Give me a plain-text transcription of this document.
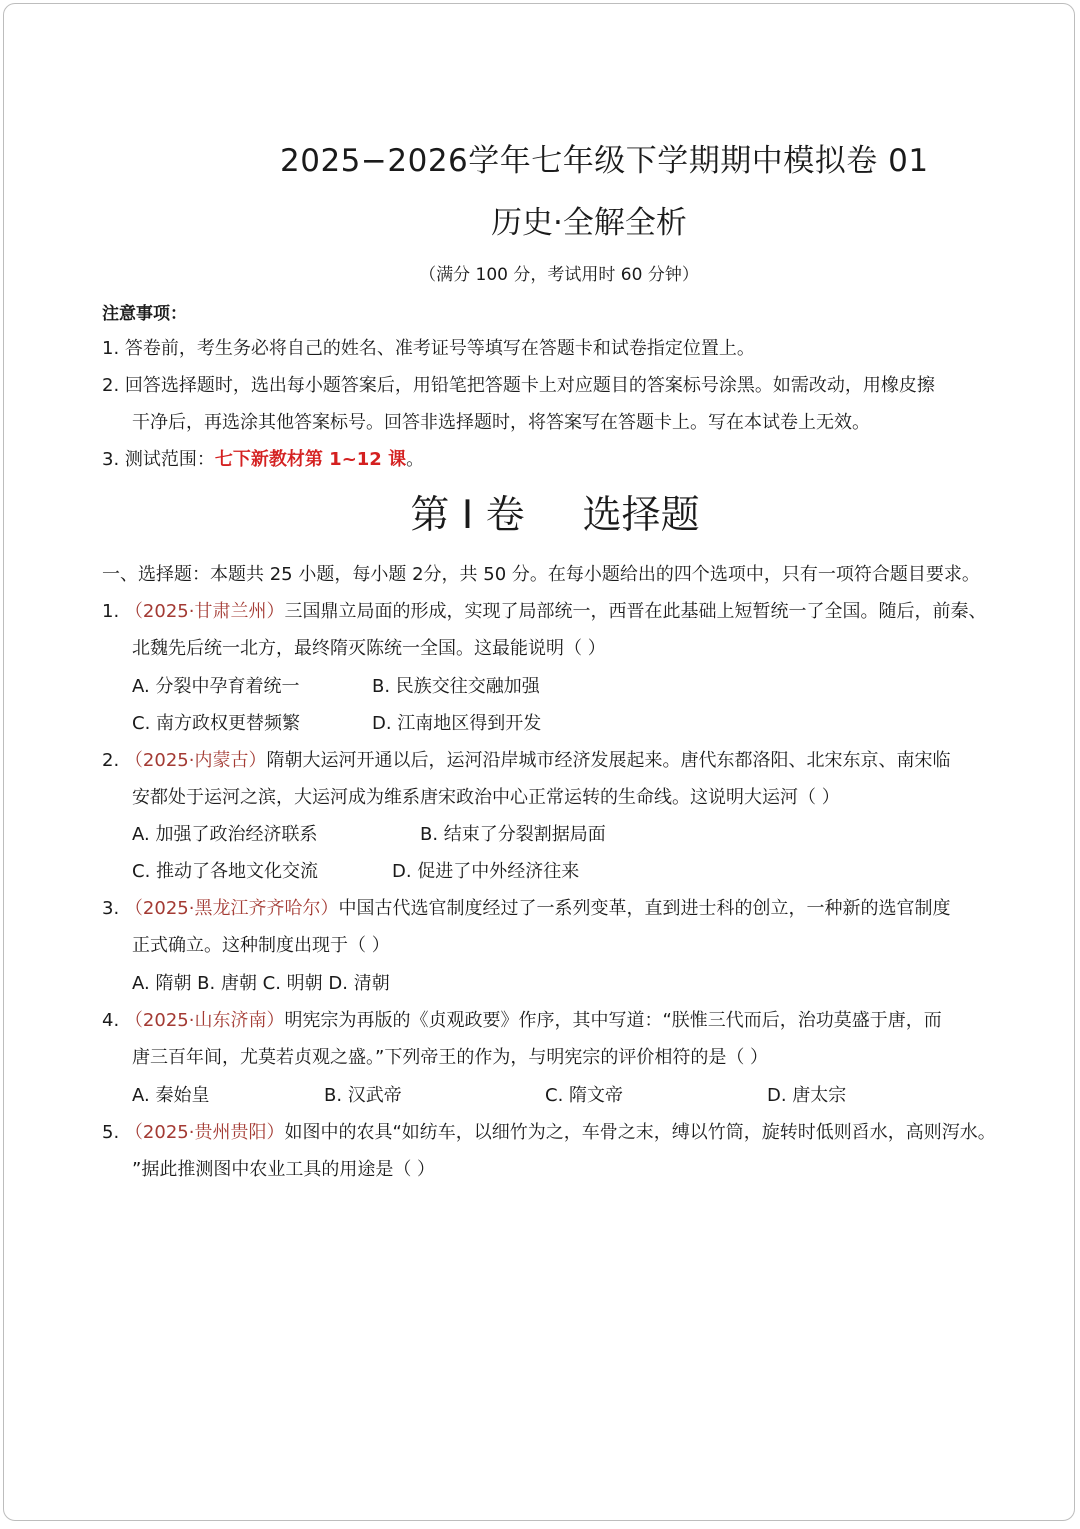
2025−2026学年七年级下学期期中模拟卷 01
历史·全解全析
（满分 100 分，考试用时 60 分钟）
注意事项：
1. 答卷前，考生务必将自己的姓名、准考证号等填写在答题卡和试卷指定位置上。
2. 回答选择题时，选出每小题答案后，用铅笔把答题卡上对应题目的答案标号涂黑。如需改动，用橡皮擦
干净后，再选涂其他答案标号。回答非选择题时，将答案写在答题卡上。写在本试卷上无效。
3. 测试范围：七下新教材第 1~12 课。
第 Ⅰ 卷 选择题
一、选择题：本题共 25 小题，每小题 2分，共 50 分。在每小题给出的四个选项中，只有一项符合题目要求。
1. （2025·甘肃兰州）三国鼎立局面的形成，实现了局部统一，西晋在此基础上短暂统一了全国。随后，前秦、
北魏先后统一北方，最终隋灭陈统一全国。这最能说明（ ）
A. 分裂中孕育着统一	B. 民族交往交融加强
C. 南方政权更替频繁	D. 江南地区得到开发
2. （2025·内蒙古）隋朝大运河开通以后，运河沿岸城市经济发展起来。唐代东都洛阳、北宋东京、南宋临
安都处于运河之滨，大运河成为维系唐宋政治中心正常运转的生命线。这说明大运河（ ）
A. 加强了政治经济联系	B. 结束了分裂割据局面
C. 推动了各地文化交流	D. 促进了中外经济往来
3. （2025·黑龙江齐齐哈尔）中国古代选官制度经过了一系列变革，直到进士科的创立，一种新的选官制度
正式确立。这种制度出现于（ ）
A. 隋朝 B. 唐朝 C. 明朝 D. 清朝
4. （2025·山东济南）明宪宗为再版的《贞观政要》作序，其中写道：“朕惟三代而后，治功莫盛于唐，而
唐三百年间，尤莫若贞观之盛。”下列帝王的作为，与明宪宗的评价相符的是（ ）
A. 秦始皇	B. 汉武帝	C. 隋文帝	D. 唐太宗
5. （2025·贵州贵阳）如图中的农具“如纺车，以细竹为之，车骨之末，缚以竹筒，旋转时低则舀水，高则泻水。
”据此推测图中农业工具的用途是（ ）
